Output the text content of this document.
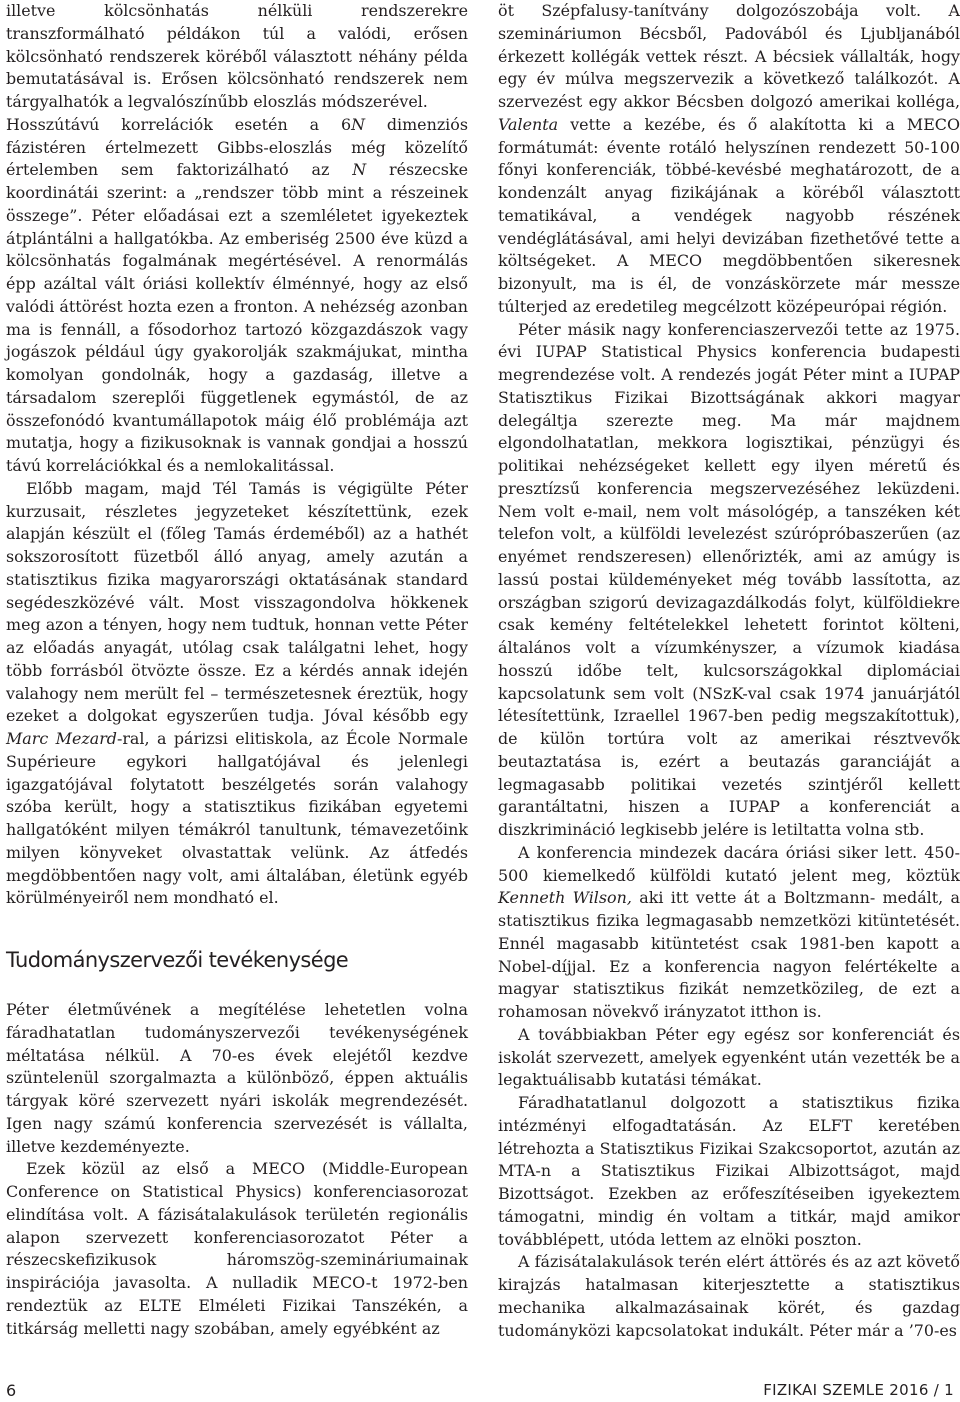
illetve kölcsönhatás nélküli rendszerekre transzformálható példákon túl a valódi, erősen kölcsönható rendszerek köréből választott néhány példa bemutatásával is. Erősen kölcsönható rendszerek nem tárgyalhatók a legvalószínűbb eloszlás módszerével.

Hosszútávú korrelációk esetén a 6N dimenziós fázistéren értelmezett Gibbs-eloszlás még közelítő értelemben sem faktorizálható az N részecske koordinátái szerint: a „rendszer több mint a részeinek összege”. Péter előadásai ezt a szemléletet igyekeztek átplántálni a hallgatókba. Az emberiség 2500 éve küzd a kölcsönhatás fogalmának megértésével. A renormálás épp azáltal vált óriási kollektív élménnyé, hogy az első valódi áttörést hozta ezen a fronton. A nehézség azonban ma is fennáll, a fősodorhoz tartozó közgazdászok vagy jogászok például úgy gyakorolják szakmájukat, mintha komolyan gondolnák, hogy a gazdaság, illetve a társadalom szereplői függetlenek egymástól, de az összefonódó kvantumállapotok máig élő problémája azt mutatja, hogy a fizikusoknak is vannak gondjai a hosszú távú korrelációkkal és a nemlokalitással.

Előbb magam, majd Tél Tamás is végigülte Péter kurzusait, részletes jegyzeteket készítettünk, ezek alapján készült el (főleg Tamás érdeméből) az a hathét sokszorosított füzetből álló anyag, amely azután a statisztikus fizika magyarországi oktatásának standard segédeszközévé vált. Most visszagondolva hökkenek meg azon a tényen, hogy nem tudtuk, honnan vette Péter az előadás anyagát, utólag csak találgatni lehet, hogy több forrásból ötvözte össze. Ez a kérdés annak idején valahogy nem merült fel – természetesnek éreztük, hogy ezeket a dolgokat egyszerűen tudja. Jóval később egy Marc Mezard-ral, a párizsi elitiskola, az École Normale Supérieure egykori hallgatójával és jelenlegi igazgatójával folytatott beszélgetés során valahogy szóba került, hogy a statisztikus fizikában egyetemi hallgatóként milyen témákról tanultunk, témavezetőink milyen könyveket olvastattak velünk. Az átfedés megdöbbentően nagy volt, ami általában, életünk egyéb körülményeiről nem mondható el.

Tudományszervezői tevékenysége

Péter életművének a megítélése lehetetlen volna fáradhatatlan tudományszervezői tevékenységének méltatása nélkül. A 70-es évek elejétől kezdve szüntelenül szorgalmazta a különböző, éppen aktuális tárgyak köré szervezett nyári iskolák megrendezését. Igen nagy számú konferencia szervezését is vállalta, illetve kezdeményezte.

Ezek közül az első a MECO (Middle-European Conference on Statistical Physics) konferenciasorozat elindítása volt. A fázisátalakulások területén regionális alapon szervezett konferenciasorozatot Péter a részecskefizikusok háromszög-szemináriumainak inspirációja javasolta. A nulladik MECO-t 1972-ben rendeztük az ELTE Elméleti Fizikai Tanszékén, a titkárság melletti nagy szobában, amely egyébként az

öt Szépfalusy-tanítvány dolgozószobája volt. A szemináriumon Bécsből, Padovából és Ljubljanából érkezett kollégák vettek részt. A bécsiek vállalták, hogy egy év múlva megszervezik a következő találkozót. A szervezést egy akkor Bécsben dolgozó amerikai kolléga, Valenta vette a kezébe, és ő alakította ki a MECO formátumát: évente rotáló helyszínen rendezett 50-100 főnyi konferenciák, többé-kevésbé meghatározott, de a kondenzált anyag fizikájának a köréből választott tematikával, a vendégek nagyobb részének vendéglátásával, ami helyi devizában fizethetővé tette a költségeket. A MECO megdöbbentően sikeresnek bizonyult, ma is él, de vonzáskörzete már messze túlterjed az eredetileg megcélzott középeurópai régión.

Péter másik nagy konferenciaszervezői tette az 1975. évi IUPAP Statistical Physics konferencia budapesti megrendezése volt. A rendezés jogát Péter mint a IUPAP Statisztikus Fizikai Bizottságának akkori magyar delegáltja szerezte meg. Ma már majdnem elgondolhatatlan, mekkora logisztikai, pénzügyi és politikai nehézségeket kellett egy ilyen méretű és presztízsű konferencia megszervezéséhez leküzdeni. Nem volt e-mail, nem volt másológép, a tanszéken két telefon volt, a külföldi levelezést szúrópróbaszerűen (az enyémet rendszeresen) ellenőrizték, ami az amúgy is lassú postai küldeményeket még tovább lassította, az országban szigorú devizagazdálkodás folyt, külföldiekre csak kemény feltételekkel lehetett forintot költeni, általános volt a vízumkényszer, a vízumok kiadása hosszú időbe telt, kulcsországokkal diplomáciai kapcsolatunk sem volt (NSzK-val csak 1974 januárjától létesítettünk, Izraellel 1967-ben pedig megszakítottuk), de külön tortúra volt az amerikai résztvevők beutaztatása is, ezért a beutazás garanciáját a legmagasabb politikai vezetés szintjéről kellett garantáltatni, hiszen a IUPAP a konferenciát a diszkrimináció legkisebb jelére is letiltatta volna stb.

A konferencia mindezek dacára óriási siker lett. 450-500 kiemelkedő külföldi kutató jelent meg, köztük Kenneth Wilson, aki itt vette át a Boltzmann- medált, a statisztikus fizika legmagasabb nemzetközi kitüntetését. Ennél magasabb kitüntetést csak 1981-ben kapott a Nobel-díjjal. Ez a konferencia nagyon felértékelte a magyar statisztikus fizikát nemzetközileg, de ezt a rohamosan növekvő irányzatot itthon is.

A továbbiakban Péter egy egész sor konferenciát és iskolát szervezett, amelyek egyenként után vezették be a legaktuálisabb kutatási témákat.

Fáradhatatlanul dolgozott a statisztikus fizika intézményi elfogadtatásán. Az ELFT keretében létrehozta a Statisztikus Fizikai Szakcsoportot, azután az MTA-n a Statisztikus Fizikai Albizottságot, majd Bizottságot. Ezekben az erőfeszítéseiben igyekeztem támogatni, mindig én voltam a titkár, majd amikor továbblépett, utóda lettem az elnöki poszton.

A fázisátalakulások terén elért áttörés és az azt követő kirajzás hatalmasan kiterjesztette a statisztikus mechanika alkalmazásainak körét, és gazdag tudományközi kapcsolatokat indukált. Péter már a ’70-es

6	FIZIKAI SZEMLE 2016 / 1
